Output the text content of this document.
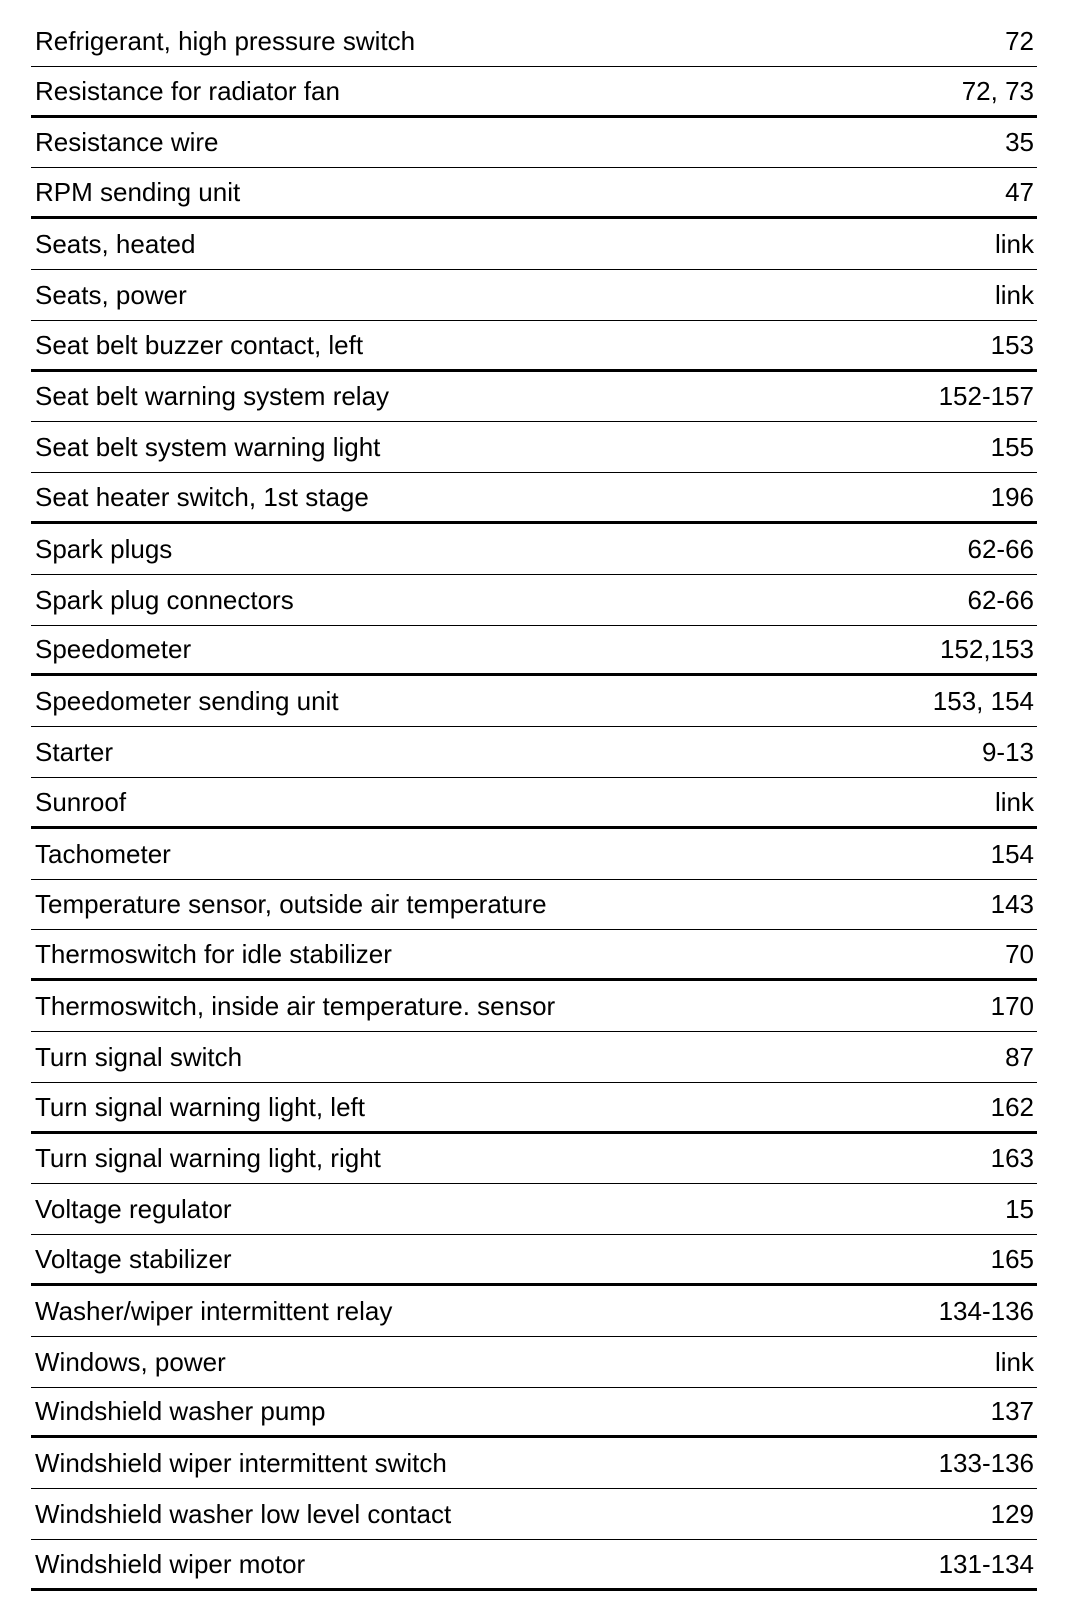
Refrigerant, high pressure switch	72
Resistance for radiator fan	72, 73
Resistance wire	35
RPM sending unit	47
Seats, heated	link
Seats, power	link
Seat belt buzzer contact, left	153
Seat belt warning system relay	152-157
Seat belt system warning light	155
Seat heater switch, 1st stage	196
Spark plugs	62-66
Spark plug connectors	62-66
Speedometer	152,153
Speedometer sending unit	153, 154
Starter	9-13
Sunroof	link
Tachometer	154
Temperature sensor, outside air temperature	143
Thermoswitch for idle stabilizer	70
Thermoswitch, inside air temperature. sensor	170
Turn signal switch	87
Turn signal warning light, left	162
Turn signal warning light, right	163
Voltage regulator	15
Voltage stabilizer	165
Washer/wiper intermittent relay	134-136
Windows, power	link
Windshield washer pump	137
Windshield wiper intermittent switch	133-136
Windshield washer low level contact	129
Windshield wiper motor	131-134
